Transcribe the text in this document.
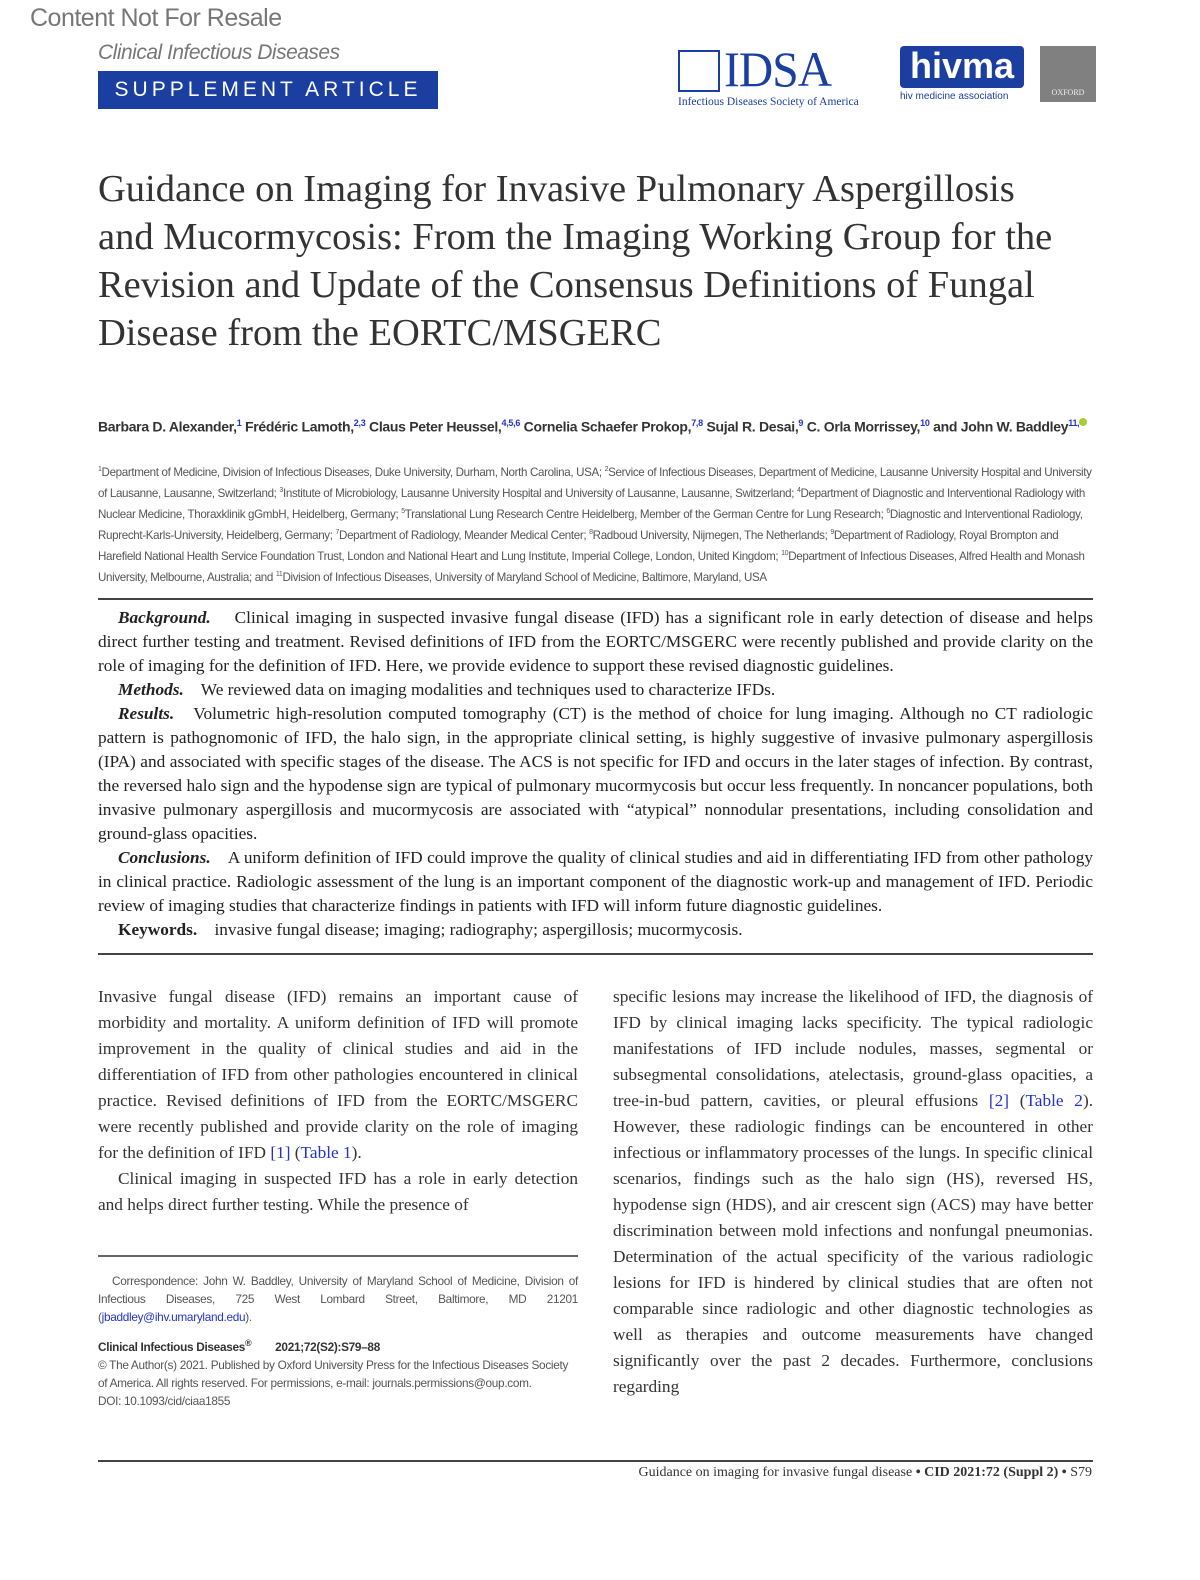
Content Not For Resale
Clinical Infectious Diseases
SUPPLEMENT ARTICLE	IDSA
Infectious Diseases Society of America
hivma
hiv medicine association	OXFORD
Guidance on Imaging for Invasive Pulmonary Aspergillosis and Mucormycosis: From the Imaging Working Group for the Revision and Update of the Consensus Definitions of Fungal Disease from the EORTC/MSGERC
Barbara D. Alexander,$^1$ Frédéric Lamoth,$^{2,3}$ Claus Peter Heussel,$^{4,5,6}$ Cornelia Schaefer Prokop,$^{7,8}$ Sujal R. Desai,$^9$ C. Orla Morrissey,$^{10}$ and John W. Baddley$^{11,}$
$^1$Department of Medicine, Division of Infectious Diseases, Duke University, Durham, North Carolina, USA; $^2$Service of Infectious Diseases, Department of Medicine, Lausanne University Hospital and University of Lausanne, Lausanne, Switzerland; $^3$Institute of Microbiology, Lausanne University Hospital and University of Lausanne, Lausanne, Switzerland; $^4$Department of Diagnostic and Interventional Radiology with Nuclear Medicine, Thoraxklinik gGmbH, Heidelberg, Germany; $^5$Translational Lung Research Centre Heidelberg, Member of the German Centre for Lung Research; $^6$Diagnostic and Interventional Radiology, Ruprecht-Karls-University, Heidelberg, Germany; $^7$Department of Radiology, Meander Medical Center; $^8$Radboud University, Nijmegen, The Netherlands; $^9$Department of Radiology, Royal Brompton and Harefield National Health Service Foundation Trust, London and National Heart and Lung Institute, Imperial College, London, United Kingdom; $^{10}$Department of Infectious Diseases, Alfred Health and Monash University, Melbourne, Australia; and $^{11}$Division of Infectious Diseases, University of Maryland School of Medicine, Baltimore, Maryland, USA

Background. Clinical imaging in suspected invasive fungal disease (IFD) has a significant role in early detection of disease and helps direct further testing and treatment. Revised definitions of IFD from the EORTC/MSGERC were recently published and provide clarity on the role of imaging for the definition of IFD. Here, we provide evidence to support these revised diagnostic guidelines.

Methods. We reviewed data on imaging modalities and techniques used to characterize IFDs.

Results. Volumetric high-resolution computed tomography (CT) is the method of choice for lung imaging. Although no CT radiologic pattern is pathognomonic of IFD, the halo sign, in the appropriate clinical setting, is highly suggestive of invasive pulmonary aspergillosis (IPA) and associated with specific stages of the disease. The ACS is not specific for IFD and occurs in the later stages of infection. By contrast, the reversed halo sign and the hypodense sign are typical of pulmonary mucormycosis but occur less frequently. In noncancer populations, both invasive pulmonary aspergillosis and mucormycosis are associated with “atypical” nonnodular presentations, including consolidation and ground-glass opacities.

Conclusions. A uniform definition of IFD could improve the quality of clinical studies and aid in differentiating IFD from other pathology in clinical practice. Radiologic assessment of the lung is an important component of the diagnostic work-up and management of IFD. Periodic review of imaging studies that characterize findings in patients with IFD will inform future diagnostic guidelines.

Keywords. invasive fungal disease; imaging; radiography; aspergillosis; mucormycosis.

Invasive fungal disease (IFD) remains an important cause of morbidity and mortality. A uniform definition of IFD will promote improvement in the quality of clinical studies and aid in the differentiation of IFD from other pathologies encountered in clinical practice. Revised definitions of IFD from the EORTC/MSGERC were recently published and provide clarity on the role of imaging for the definition of IFD [1] (Table 1).

Clinical imaging in suspected IFD has a role in early detection and helps direct further testing. While the presence of

specific lesions may increase the likelihood of IFD, the diagnosis of IFD by clinical imaging lacks specificity. The typical radiologic manifestations of IFD include nodules, masses, segmental or subsegmental consolidations, atelectasis, ground-glass opacities, a tree-in-bud pattern, cavities, or pleural effusions [2] (Table 2). However, these radiologic findings can be encountered in other infectious or inflammatory processes of the lungs. In specific clinical scenarios, findings such as the halo sign (HS), reversed HS, hypodense sign (HDS), and air crescent sign (ACS) may have better discrimination between mold infections and nonfungal pneumonias. Determination of the actual specificity of the various radiologic lesions for IFD is hindered by clinical studies that are often not comparable since radiologic and other diagnostic technologies as well as therapies and outcome measurements have changed significantly over the past 2 decades. Furthermore, conclusions regarding

Correspondence: John W. Baddley, University of Maryland School of Medicine, Division of Infectious Diseases, 725 West Lombard Street, Baltimore, MD 21201 (jbaddley@ihv.umaryland.edu).

Clinical Infectious Diseases® 2021;72(S2):S79–88
© The Author(s) 2021. Published by Oxford University Press for the Infectious Diseases Society of America. All rights reserved. For permissions, e-mail: journals.permissions@oup.com.
DOI: 10.1093/cid/ciaa1855
Guidance on imaging for invasive fungal disease • CID 2021:72 (Suppl 2) • S79
